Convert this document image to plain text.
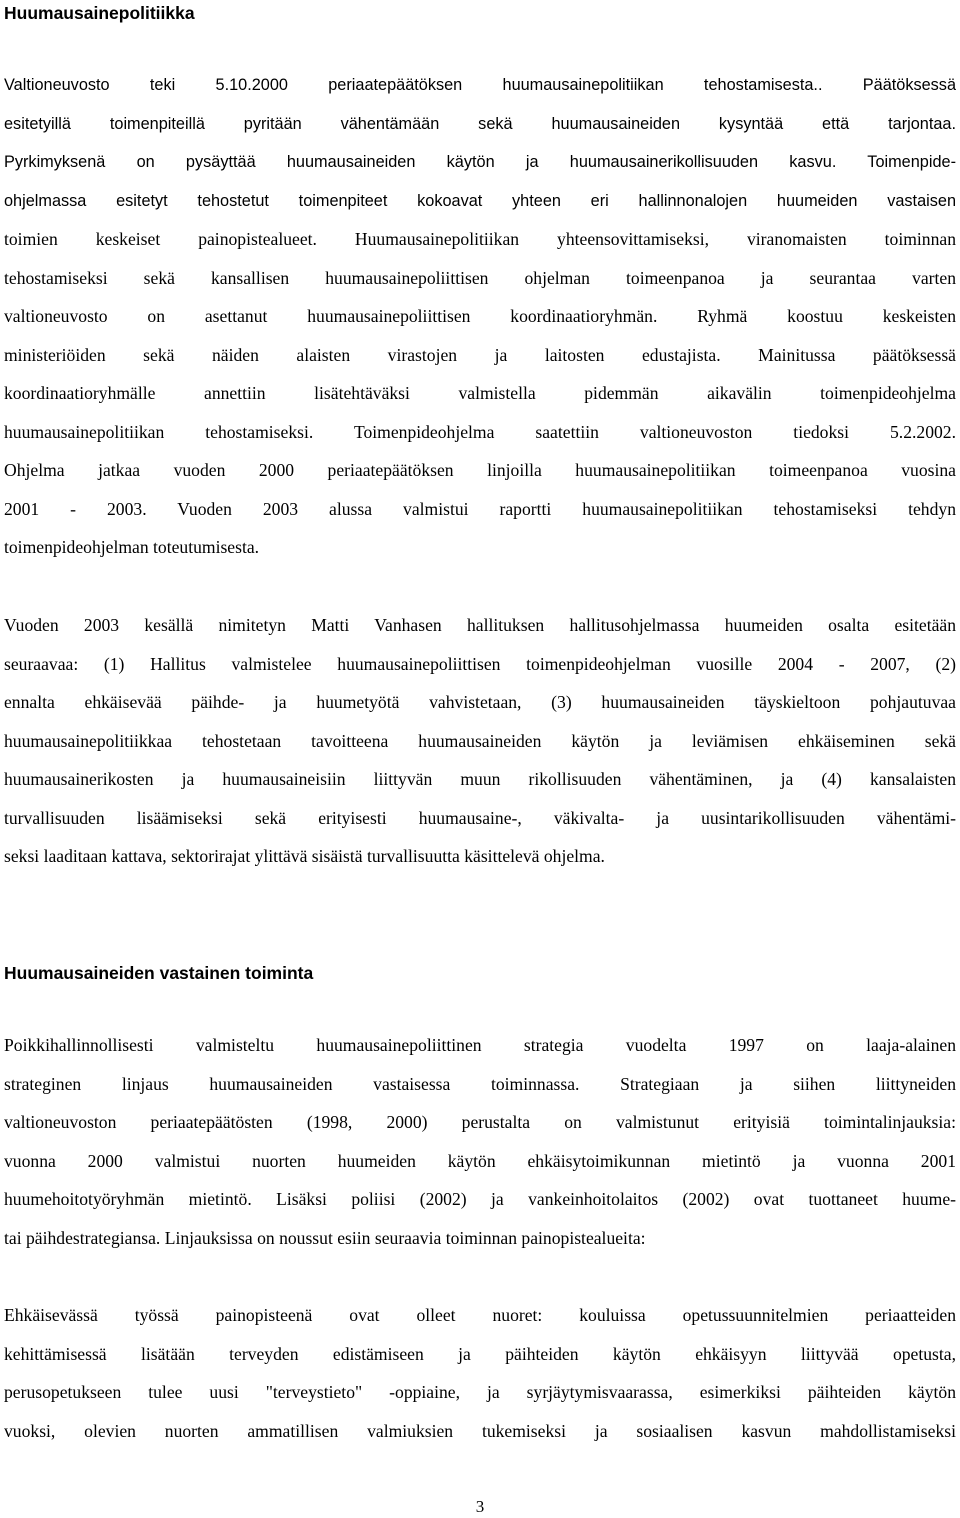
Huumausainepolitiikka
Valtioneuvosto teki 5.10.2000 periaatepäätöksen huumausainepolitiikan tehostamisesta.. Päätöksessä
esitetyillä toimenpiteillä pyritään vähentämään sekä huumausaineiden kysyntää että tarjontaa.
Pyrkimyksenä on pysäyttää huumausaineiden käytön ja huumausainerikollisuuden kasvu. Toimenpide-
ohjelmassa esitetyt tehostetut toimenpiteet kokoavat yhteen eri hallinnonalojen huumeiden vastaisen
toimien keskeiset painopistealueet. Huumausainepolitiikan yhteensovittamiseksi, viranomaisten toiminnan
tehostamiseksi sekä kansallisen huumausainepoliittisen ohjelman toimeenpanoa ja seurantaa varten
valtioneuvosto on asettanut huumausainepoliittisen koordinaatioryhmän. Ryhmä koostuu keskeisten
ministeriöiden sekä näiden alaisten virastojen ja laitosten edustajista. Mainitussa päätöksessä
koordinaatioryhmälle annettiin lisätehtäväksi valmistella pidemmän aikavälin toimenpideohjelma
huumausainepolitiikan tehostamiseksi. Toimenpideohjelma saatettiin valtioneuvoston tiedoksi 5.2.2002.
Ohjelma jatkaa vuoden 2000 periaatepäätöksen linjoilla huumausainepolitiikan toimeenpanoa vuosina
2001 - 2003. Vuoden 2003 alussa valmistui raportti huumausainepolitiikan tehostamiseksi tehdyn
toimenpideohjelman toteutumisesta.
Vuoden 2003 kesällä nimitetyn Matti Vanhasen hallituksen hallitusohjelmassa huumeiden osalta esitetään
seuraavaa: (1) Hallitus valmistelee huumausainepoliittisen toimenpideohjelman vuosille 2004 - 2007, (2)
ennalta ehkäisevää päihde- ja huumetyötä vahvistetaan, (3) huumausaineiden täyskieltoon pohjautuvaa
huumausainepolitiikkaa tehostetaan tavoitteena huumausaineiden käytön ja leviämisen ehkäiseminen sekä
huumausainerikosten ja huumausaineisiin liittyvän muun rikollisuuden vähentäminen, ja (4) kansalaisten
turvallisuuden lisäämiseksi sekä erityisesti huumausaine-, väkivalta- ja uusintarikollisuuden vähentämi-
seksi laaditaan kattava, sektorirajat ylittävä sisäistä turvallisuutta käsittelevä ohjelma.
Huumausaineiden vastainen toiminta
Poikkihallinnollisesti valmisteltu huumausainepoliittinen strategia vuodelta 1997 on laaja-alainen
strateginen linjaus huumausaineiden vastaisessa toiminnassa. Strategiaan ja siihen liittyneiden
valtioneuvoston periaatepäätösten (1998, 2000) perustalta on valmistunut erityisiä toimintalinjauksia:
vuonna 2000 valmistui nuorten huumeiden käytön ehkäisytoimikunnan mietintö ja vuonna 2001
huumehoitotyöryhmän mietintö. Lisäksi poliisi (2002) ja vankeinhoitolaitos (2002) ovat tuottaneet huume-
tai päihdestrategiansa. Linjauksissa on noussut esiin seuraavia toiminnan painopistealueita:
Ehkäisevässä työssä painopisteenä ovat olleet nuoret: kouluissa opetussuunnitelmien periaatteiden
kehittämisessä lisätään terveyden edistämiseen ja päihteiden käytön ehkäisyyn liittyvää opetusta,
perusopetukseen tulee uusi "terveystieto" -oppiaine, ja syrjäytymisvaarassa, esimerkiksi päihteiden käytön
vuoksi, olevien nuorten ammatillisen valmiuksien tukemiseksi ja sosiaalisen kasvun mahdollistamiseksi
3
